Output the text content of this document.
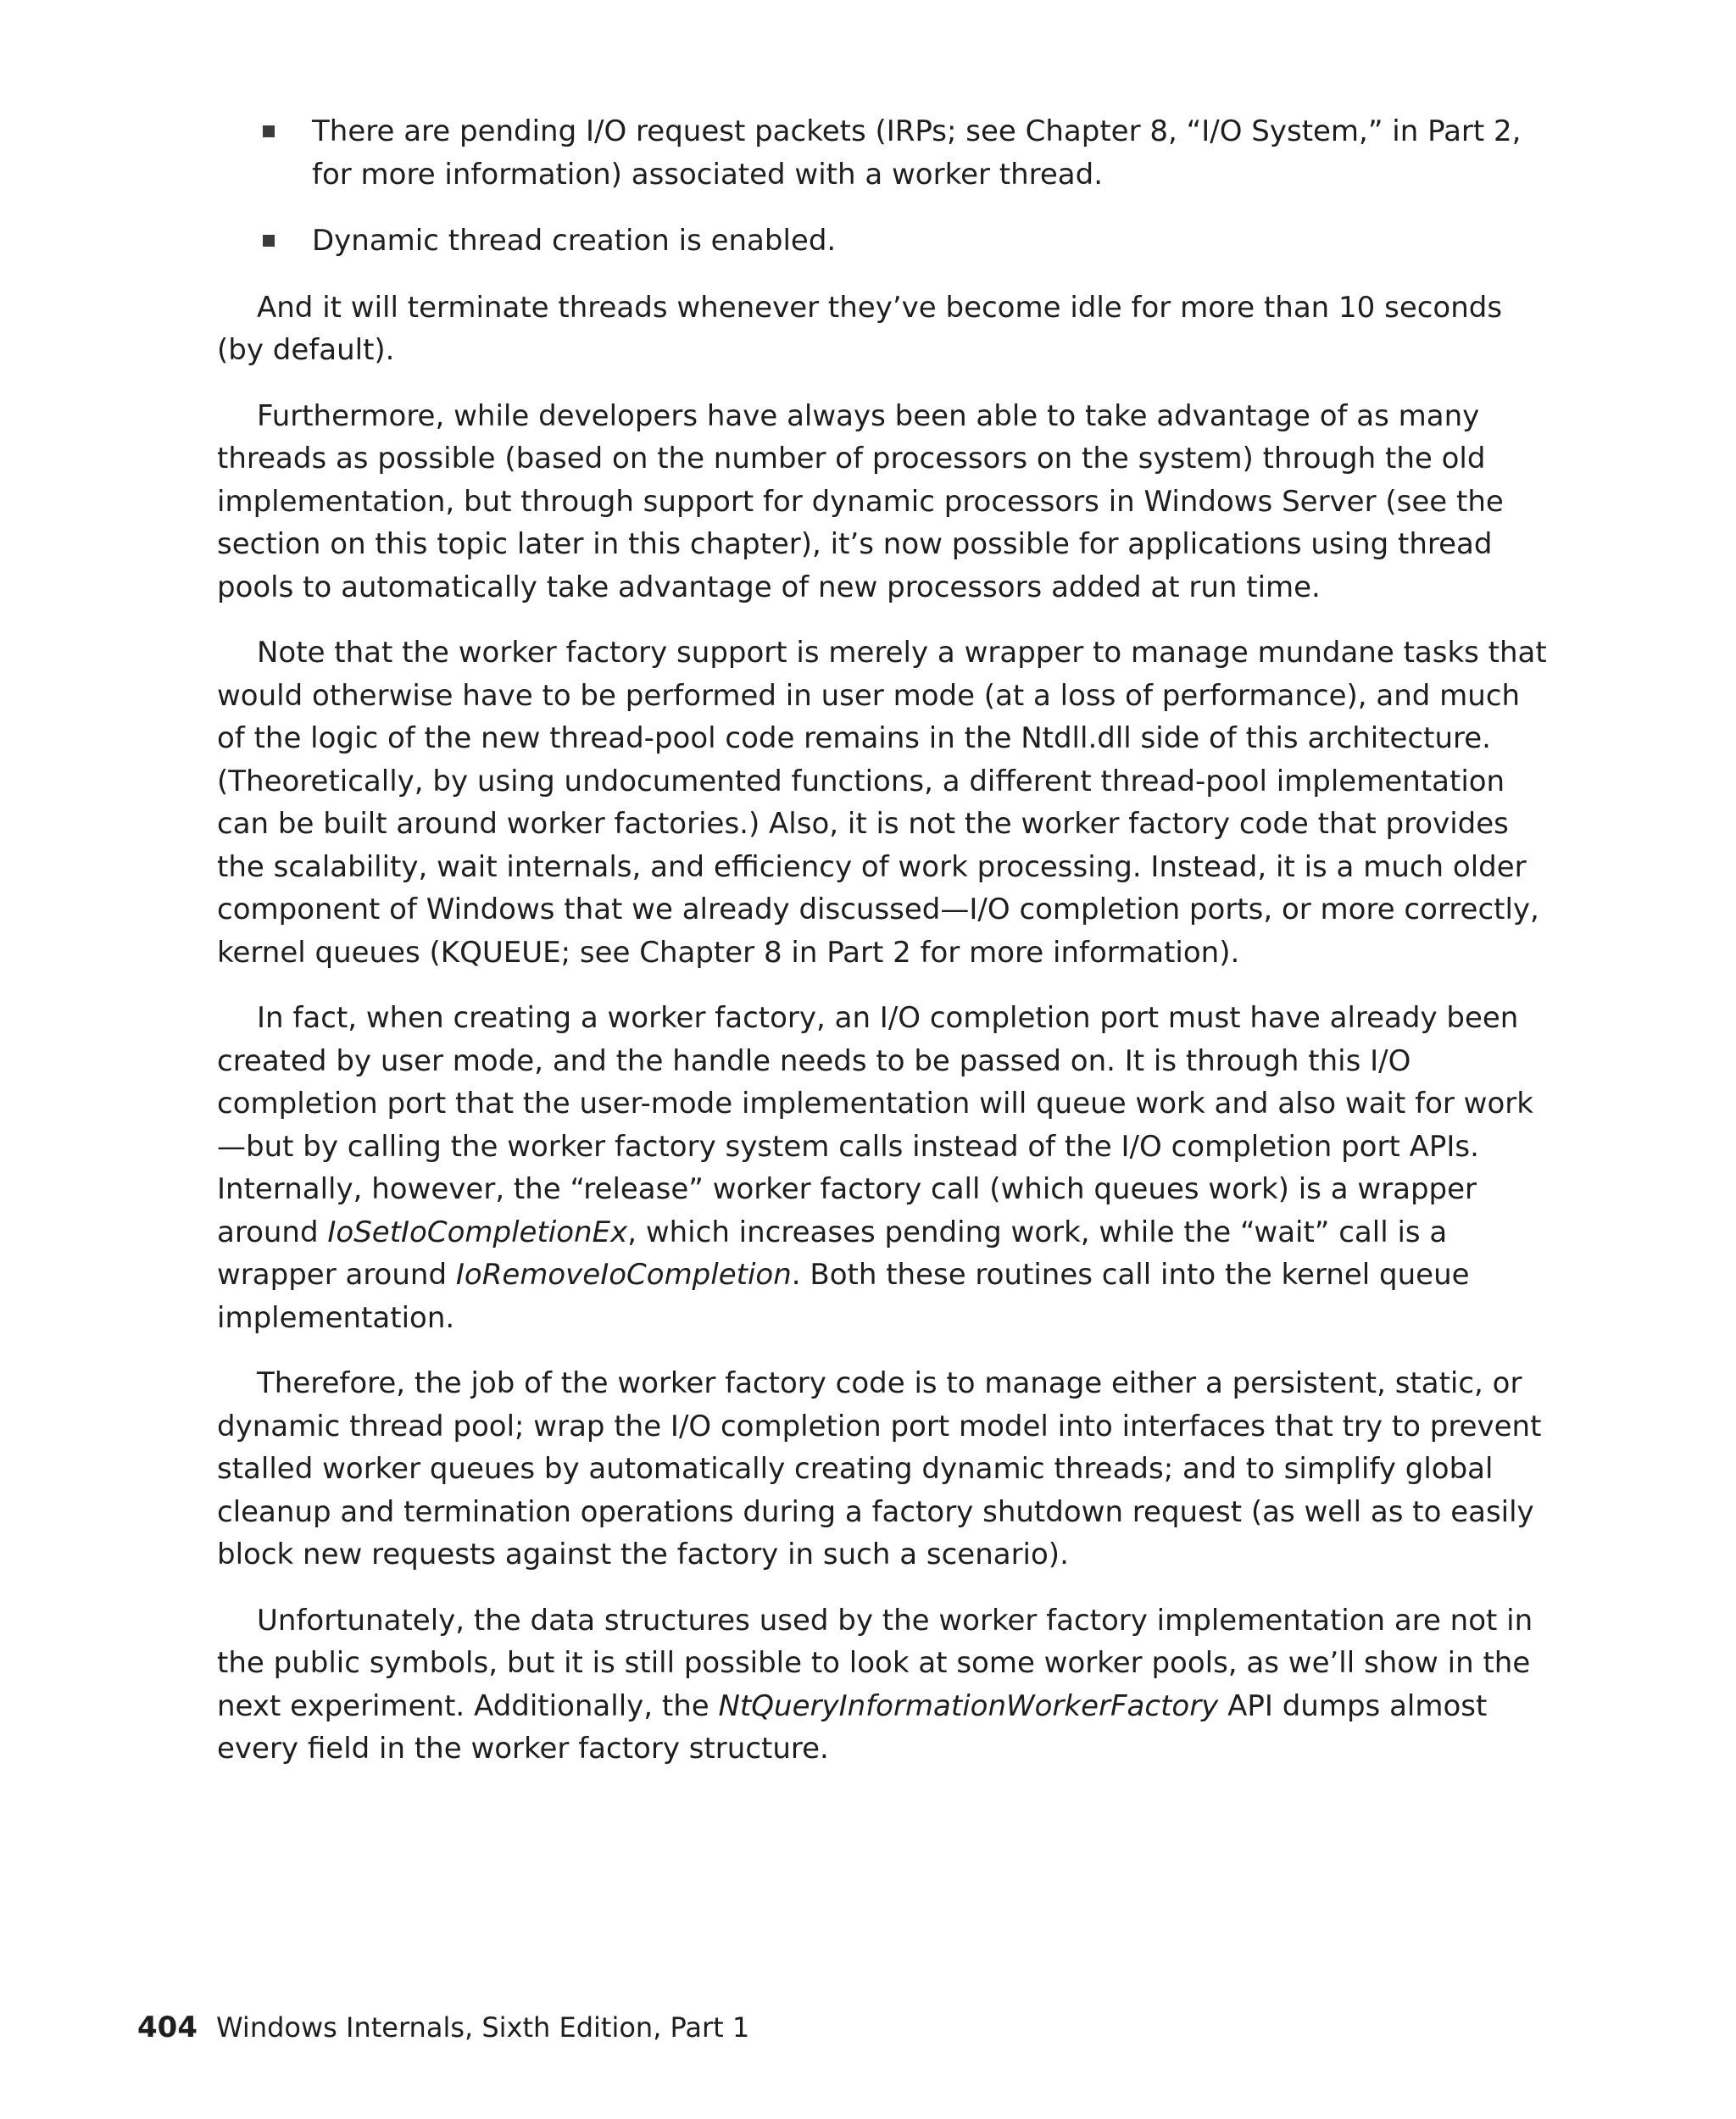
There are pending I/O request packets (IRPs; see Chapter 8, “I/O System,” in Part 2, for more information) associated with a worker thread.
Dynamic thread creation is enabled.

And it will terminate threads whenever they’ve become idle for more than 10 seconds (by default).

Furthermore, while developers have always been able to take advantage of as many threads as possible (based on the number of processors on the system) through the old implementation, but through support for dynamic processors in Windows Server (see the section on this topic later in this chapter), it’s now possible for applications using thread pools to automatically take advantage of new processors added at run time.

Note that the worker factory support is merely a wrapper to manage mundane tasks that would otherwise have to be performed in user mode (at a loss of performance), and much of the logic of the new thread-pool code remains in the Ntdll.dll side of this architecture. (Theoretically, by using undocumented functions, a different thread-pool implementation can be built around worker factories.) Also, it is not the worker factory code that provides the scalability, wait internals, and efficiency of work processing. Instead, it is a much older component of Windows that we already discussed—I/O completion ports, or more correctly, kernel queues (KQUEUE; see Chapter 8 in Part 2 for more information).

In fact, when creating a worker factory, an I/O completion port must have already been created by user mode, and the handle needs to be passed on. It is through this I/O completion port that the user-mode implementation will queue work and also wait for work—but by calling the worker factory system calls instead of the I/O completion port APIs. Internally, however, the “release” worker factory call (which queues work) is a wrapper around IoSetIoCompletionEx, which increases pending work, while the “wait” call is a wrapper around IoRemoveIoCompletion. Both these routines call into the kernel queue implementation.

Therefore, the job of the worker factory code is to manage either a persistent, static, or dynamic thread pool; wrap the I/O completion port model into interfaces that try to prevent stalled worker queues by automatically creating dynamic threads; and to simplify global cleanup and termination operations during a factory shutdown request (as well as to easily block new requests against the factory in such a scenario).

Unfortunately, the data structures used by the worker factory implementation are not in the public symbols, but it is still possible to look at some worker pools, as we’ll show in the next experiment. Additionally, the NtQueryInformationWorkerFactory API dumps almost every field in the worker factory structure.

404 Windows Internals, Sixth Edition, Part 1
